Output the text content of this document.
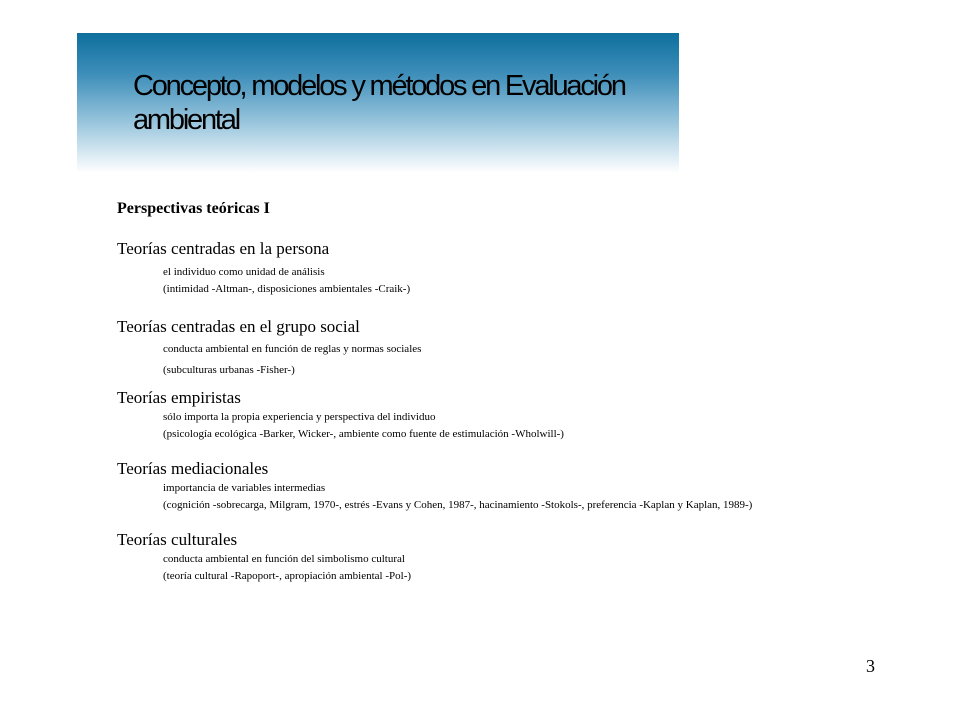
Concepto, modelos y métodos en Evaluación ambiental
Perspectivas teóricas I
Teorías centradas en la persona
el individuo como unidad de análisis
(intimidad -Altman-, disposiciones ambientales -Craik-)
Teorías centradas en el grupo social
conducta ambiental en función de reglas y normas sociales
(subculturas urbanas -Fisher-)
Teorías empiristas
sólo importa la propia experiencia y perspectiva del individuo
(psicología ecológica -Barker, Wicker-, ambiente como fuente de estimulación -Wholwill-)
Teorías mediacionales
importancia de variables intermedias
(cognición -sobrecarga, Milgram, 1970-, estrés -Evans y Cohen, 1987-, hacinamiento -Stokols-, preferencia -Kaplan y Kaplan, 1989-)
Teorías culturales
conducta ambiental en función del simbolismo cultural
(teoría cultural -Rapoport-, apropiación ambiental -Pol-)
3
